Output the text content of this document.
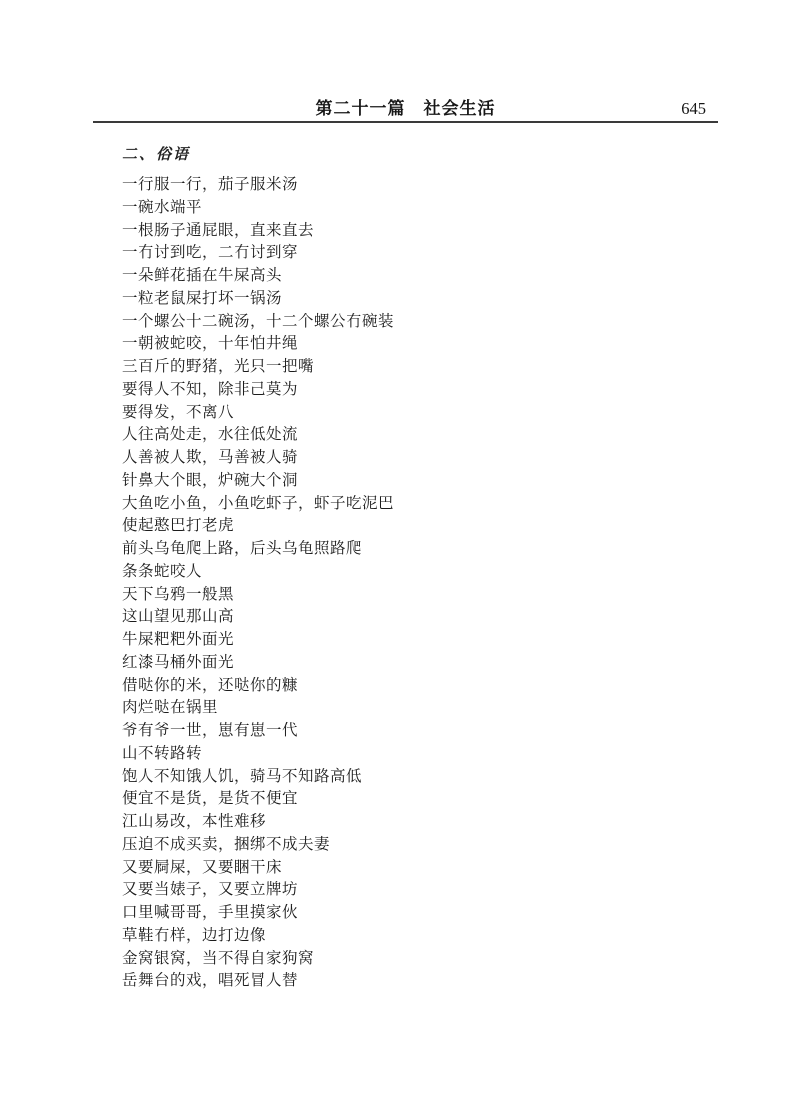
第二十一篇　社会生活	645
二、俗语
一行服一行，茄子服米汤
一碗水端平
一根肠子通屁眼，直来直去
一冇讨到吃，二冇讨到穿
一朵鲜花插在牛屎高头
一粒老鼠屎打坏一锅汤
一个螺公十二碗汤，十二个螺公冇碗装
一朝被蛇咬，十年怕井绳
三百斤的野猪，光只一把嘴
要得人不知，除非己莫为
要得发，不离八
人往高处走，水往低处流
人善被人欺，马善被人骑
针鼻大个眼，炉碗大个洞
大鱼吃小鱼，小鱼吃虾子，虾子吃泥巴
使起憨巴打老虎
前头乌龟爬上路，后头乌龟照路爬
条条蛇咬人
天下乌鸦一般黑
这山望见那山高
牛屎粑粑外面光
红漆马桶外面光
借哒你的米，还哒你的糠
肉烂哒在锅里
爷有爷一世，崽有崽一代
山不转路转
饱人不知饿人饥，骑马不知路高低
便宜不是货，是货不便宜
江山易改，本性难移
压迫不成买卖，捆绑不成夫妻
又要屙屎，又要睏干床
又要当婊子，又要立牌坊
口里喊哥哥，手里摸家伙
草鞋冇样，边打边像
金窝银窝，当不得自家狗窝
岳舞台的戏，唱死冒人替
